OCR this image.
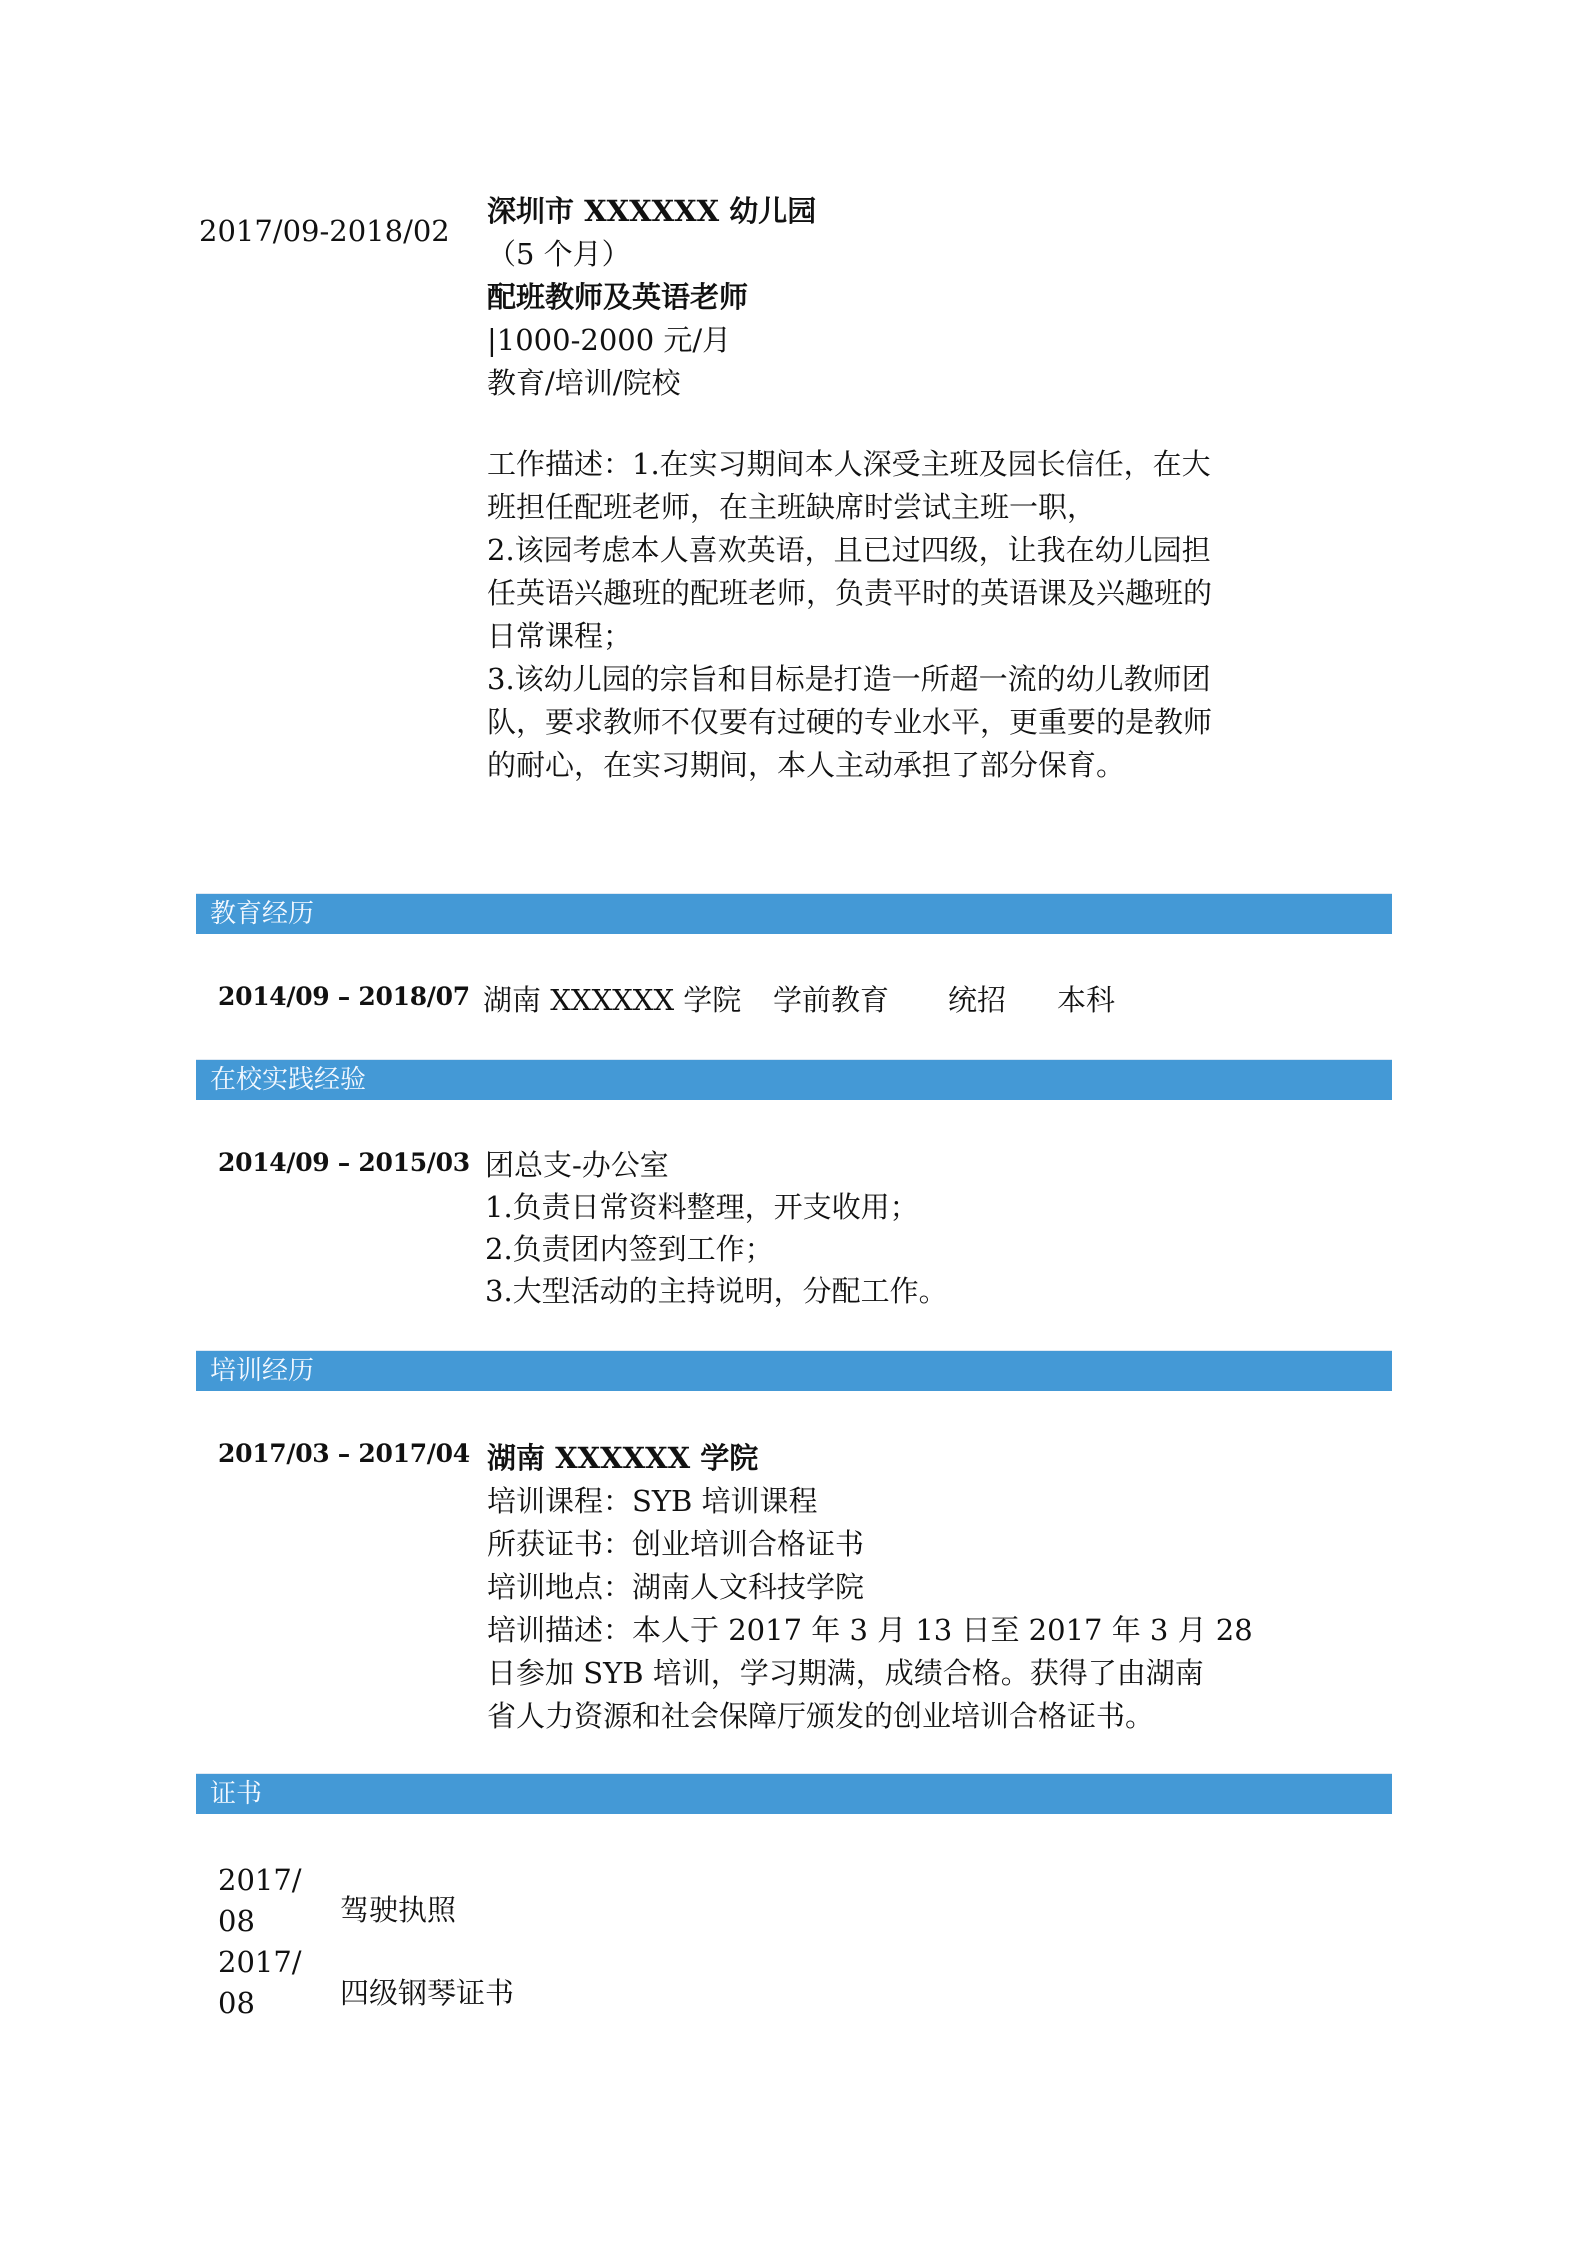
2017/09-2018/02
深圳市 XXXXXX 幼儿园
（5 个月）
配班教师及英语老师
|1000-2000 元/月
教育/培训/院校
工作描述：1.在实习期间本人深受主班及园长信任，在大
班担任配班老师，在主班缺席时尝试主班一职，
2.该园考虑本人喜欢英语，且已过四级，让我在幼儿园担
任英语兴趣班的配班老师，负责平时的英语课及兴趣班的
日常课程；
3.该幼儿园的宗旨和目标是打造一所超一流的幼儿教师团
队，要求教师不仅要有过硬的专业水平，更重要的是教师
的耐心，在实习期间，本人主动承担了部分保育。
教育经历
2014/09 – 2018/07 湖南 XXXXXX 学院 学前教育 统招 本科
在校实践经验
2014/09 – 2015/03 团总支-办公室
1.负责日常资料整理，开支收用；
2.负责团内签到工作；
3.大型活动的主持说明，分配工作。
培训经历
2017/03 – 2017/04 湖南 XXXXXX 学院
培训课程：SYB 培训课程
所获证书：创业培训合格证书
培训地点：湖南人文科技学院
培训描述：本人于 2017 年 3 月 13 日至 2017 年 3 月 28
日参加 SYB 培训，学习期满，成绩合格。获得了由湖南
省人力资源和社会保障厅颁发的创业培训合格证书。
证书
2017/ 08	驾驶执照
2017/ 08	四级钢琴证书
